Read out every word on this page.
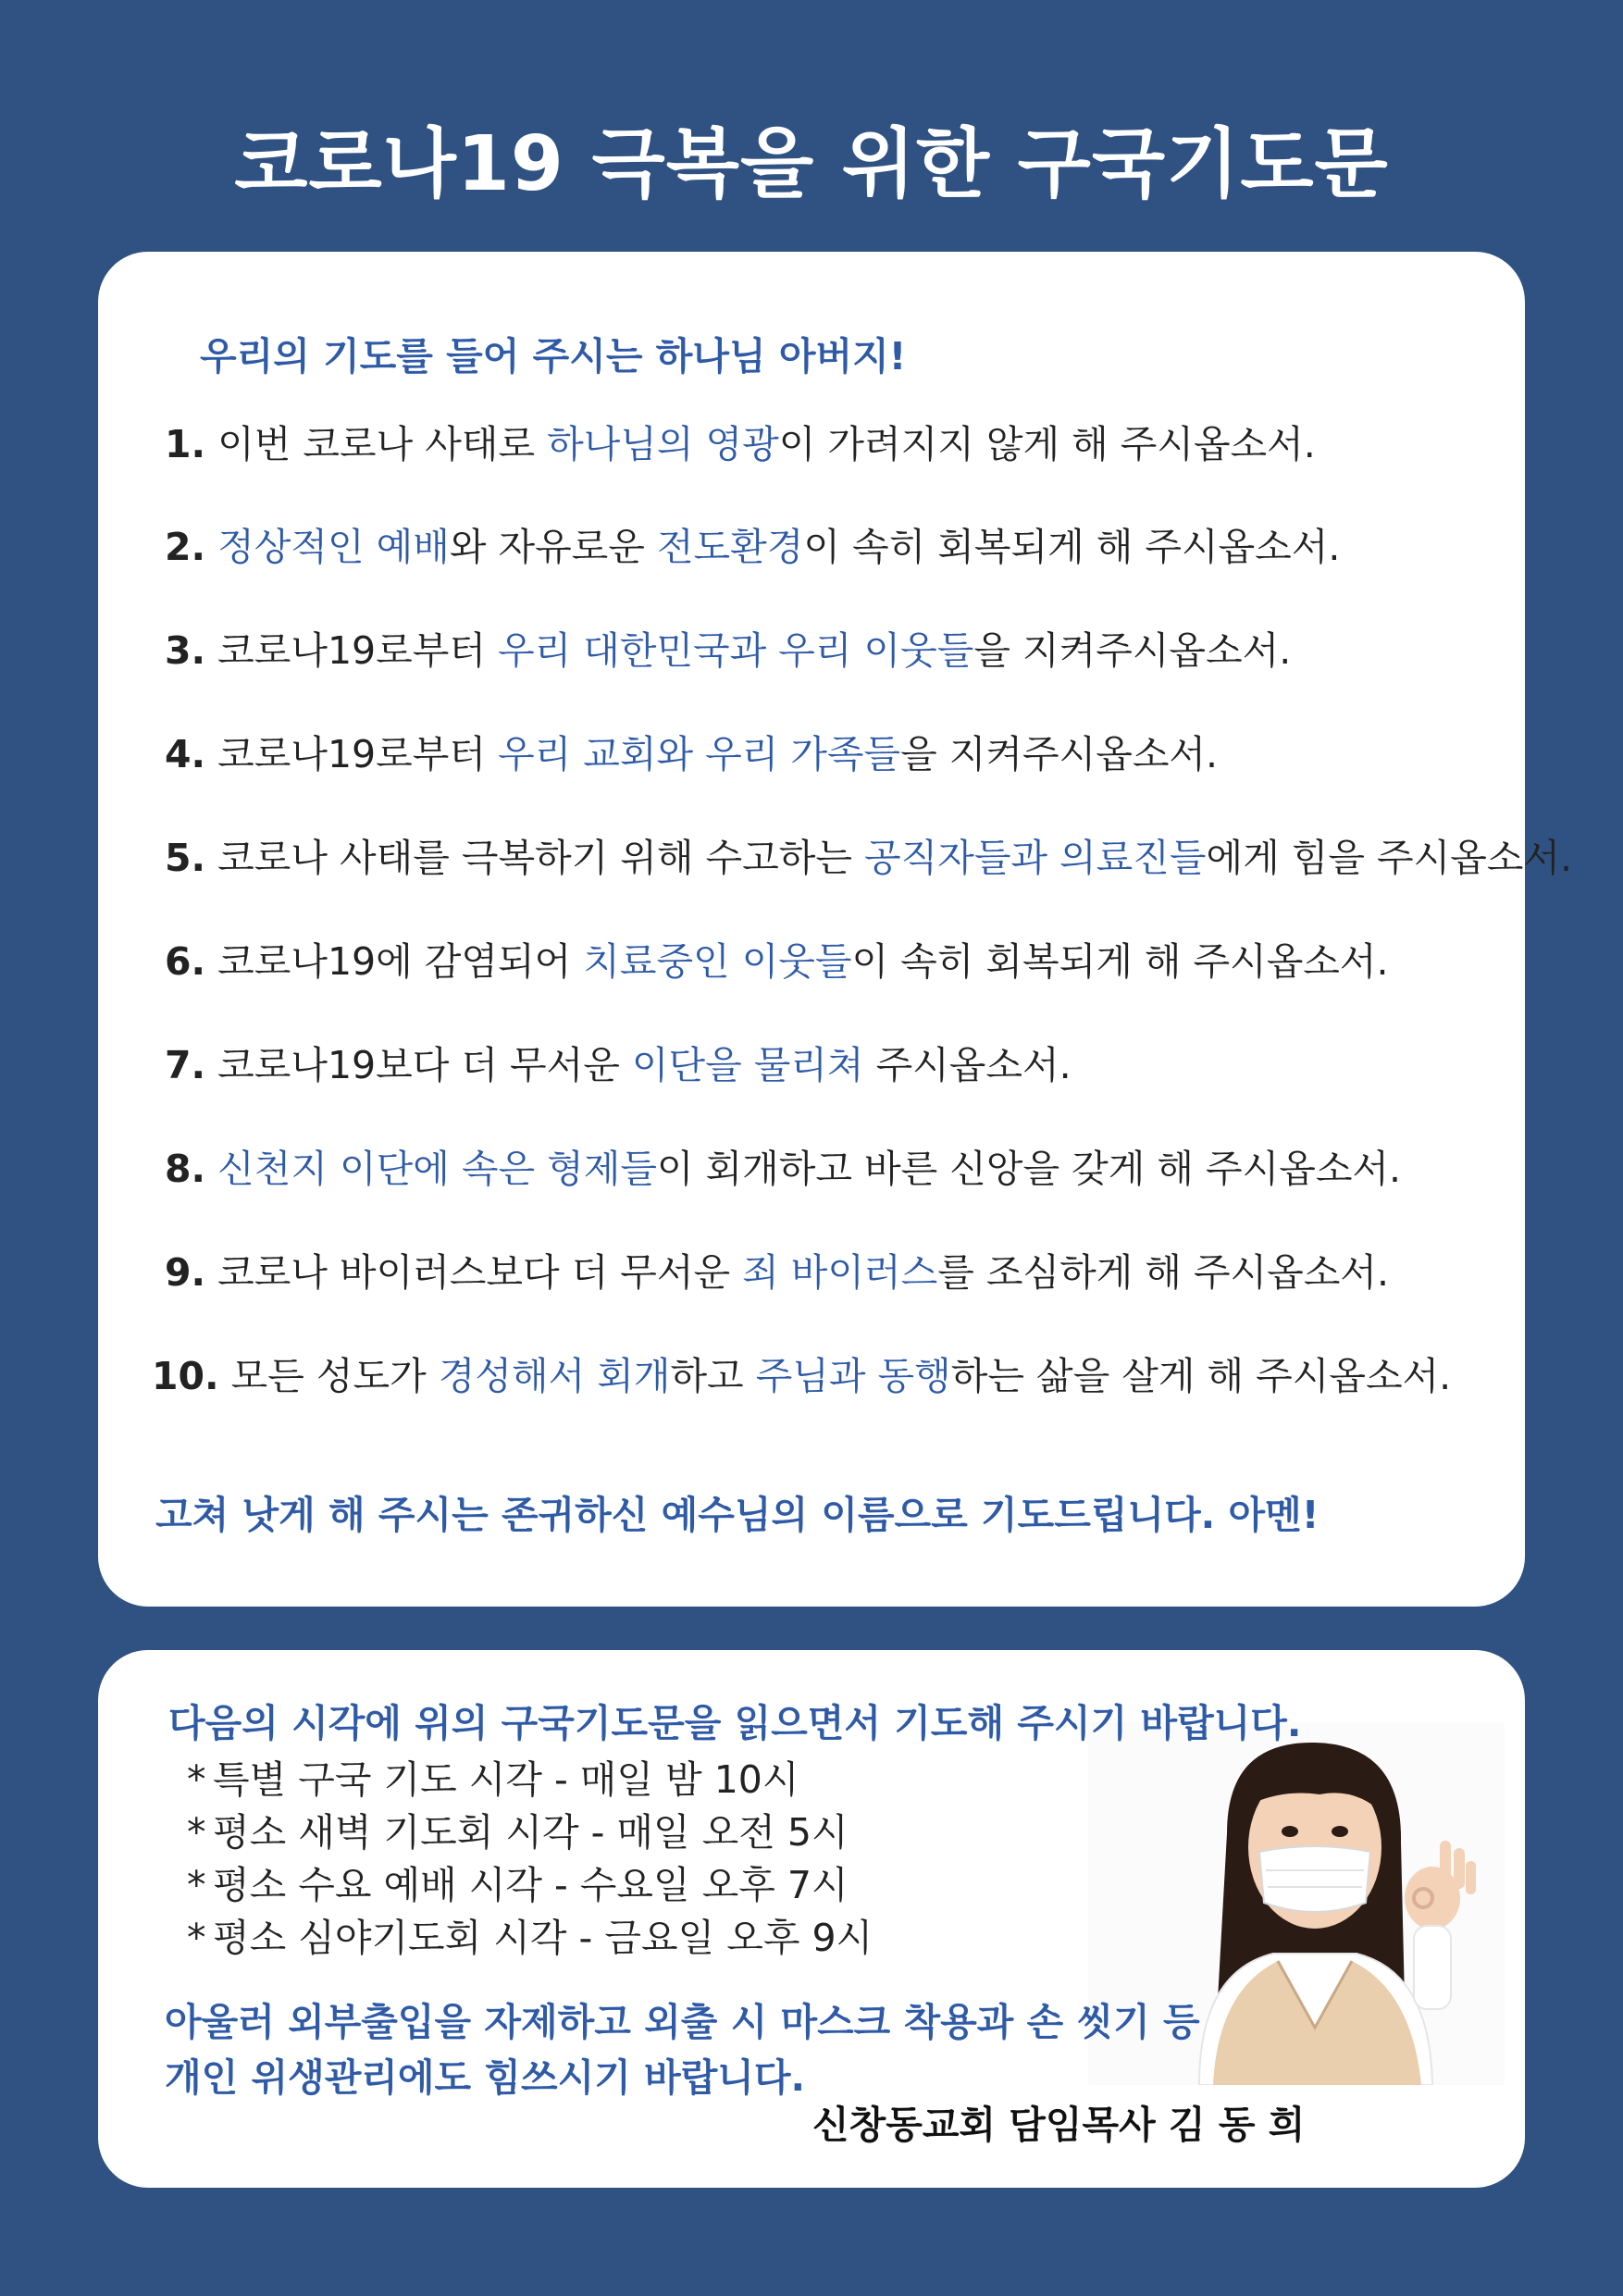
코로나19 극복을 위한 구국기도문
우리의 기도를 들어 주시는 하나님 아버지!
1. 이번 코로나 사태로 하나님의 영광이 가려지지 않게 해 주시옵소서.
2. 정상적인 예배와 자유로운 전도환경이 속히 회복되게 해 주시옵소서.
3. 코로나19로부터 우리 대한민국과 우리 이웃들을 지켜주시옵소서.
4. 코로나19로부터 우리 교회와 우리 가족들을 지켜주시옵소서.
5. 코로나 사태를 극복하기 위해 수고하는 공직자들과 의료진들에게 힘을 주시옵소서.
6. 코로나19에 감염되어 치료중인 이웃들이 속히 회복되게 해 주시옵소서.
7. 코로나19보다 더 무서운 이단을 물리쳐 주시옵소서.
8. 신천지 이단에 속은 형제들이 회개하고 바른 신앙을 갖게 해 주시옵소서.
9. 코로나 바이러스보다 더 무서운 죄 바이러스를 조심하게 해 주시옵소서.
10. 모든 성도가 경성해서 회개하고 주님과 동행하는 삶을 살게 해 주시옵소서.
고쳐 낫게 해 주시는 존귀하신 예수님의 이름으로 기도드립니다. 아멘!
다음의 시각에 위의 구국기도문을 읽으면서 기도해 주시기 바랍니다.
* 특별 구국 기도 시각 - 매일 밤 10시
* 평소 새벽 기도회 시각 - 매일 오전 5시
* 평소 수요 예배 시각 - 수요일 오후 7시
* 평소 심야기도회 시각 - 금요일 오후 9시
아울러 외부출입을 자제하고 외출 시 마스크 착용과 손 씻기 등
개인 위생관리에도 힘쓰시기 바랍니다.
신창동교회 담임목사 김 동 희
